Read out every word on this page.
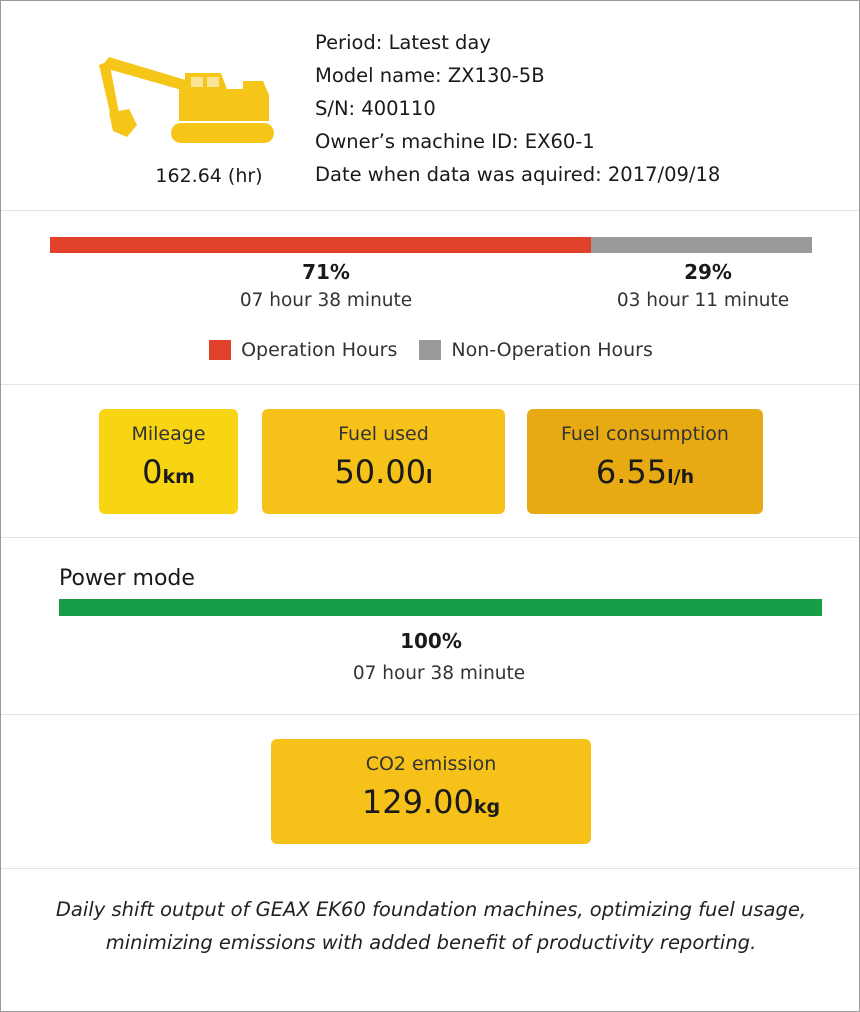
162.64 (hr)
Period: Latest day
Model name: ZX130-5B
S/N: 400110
Owner’s machine ID: EX60-1
Date when data was aquired: 2017/09/18
71%
07 hour 38 minute
29%
03 hour 11 minute
Operation Hours	Non-Operation Hours
Mileage
0km
Fuel used
50.00l
Fuel consumption
6.55l/h
Power mode
100%
07 hour 38 minute
CO2 emission
129.00kg
Daily shift output of GEAX EK60 foundation machines, optimizing fuel usage, minimizing emissions with added benefit of productivity reporting.
